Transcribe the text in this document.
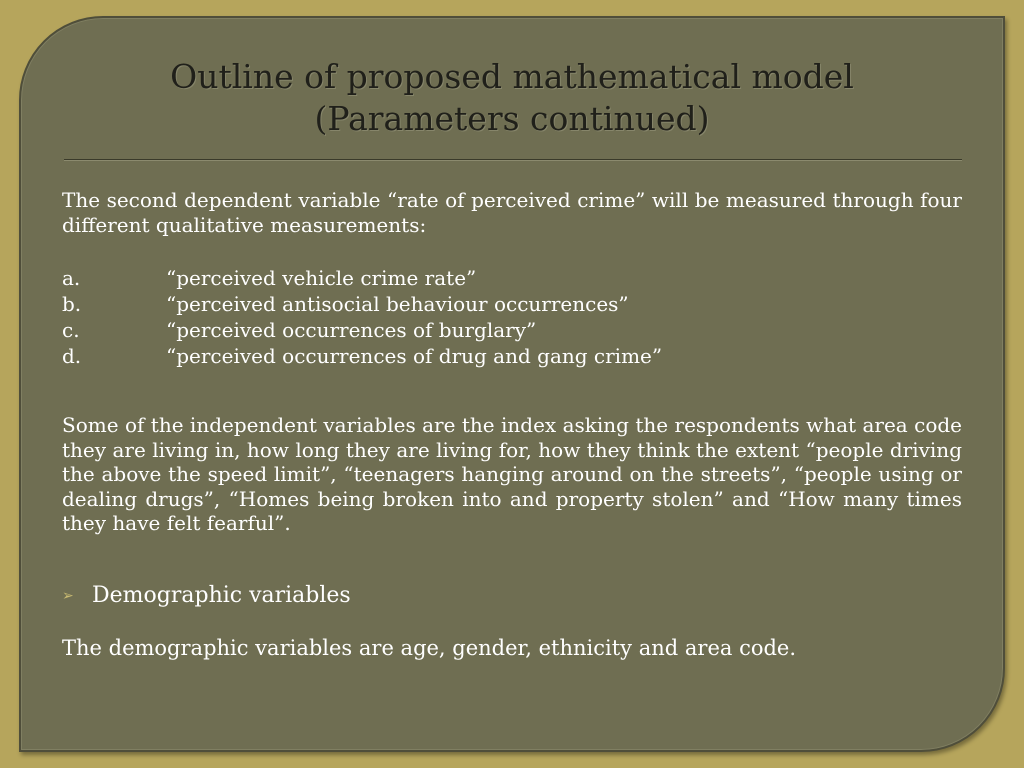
Outline of proposed mathematical model
(Parameters continued)
The second dependent variable “rate of perceived crime” will be measured through four different qualitative measurements:
a.	“perceived vehicle crime rate”
b.	“perceived antisocial behaviour occurrences”
c.	“perceived occurrences of burglary”
d.	“perceived occurrences of drug and gang crime”
Some of the independent variables are the index asking the respondents what area code they are living in, how long they are living for, how they think the extent “people driving the above the speed limit”, “teenagers hanging around on the streets”, “people using or dealing drugs”, “Homes being broken into and property stolen” and “How many times they have felt fearful”.
➢ Demographic variables
The demographic variables are age, gender, ethnicity and area code.
